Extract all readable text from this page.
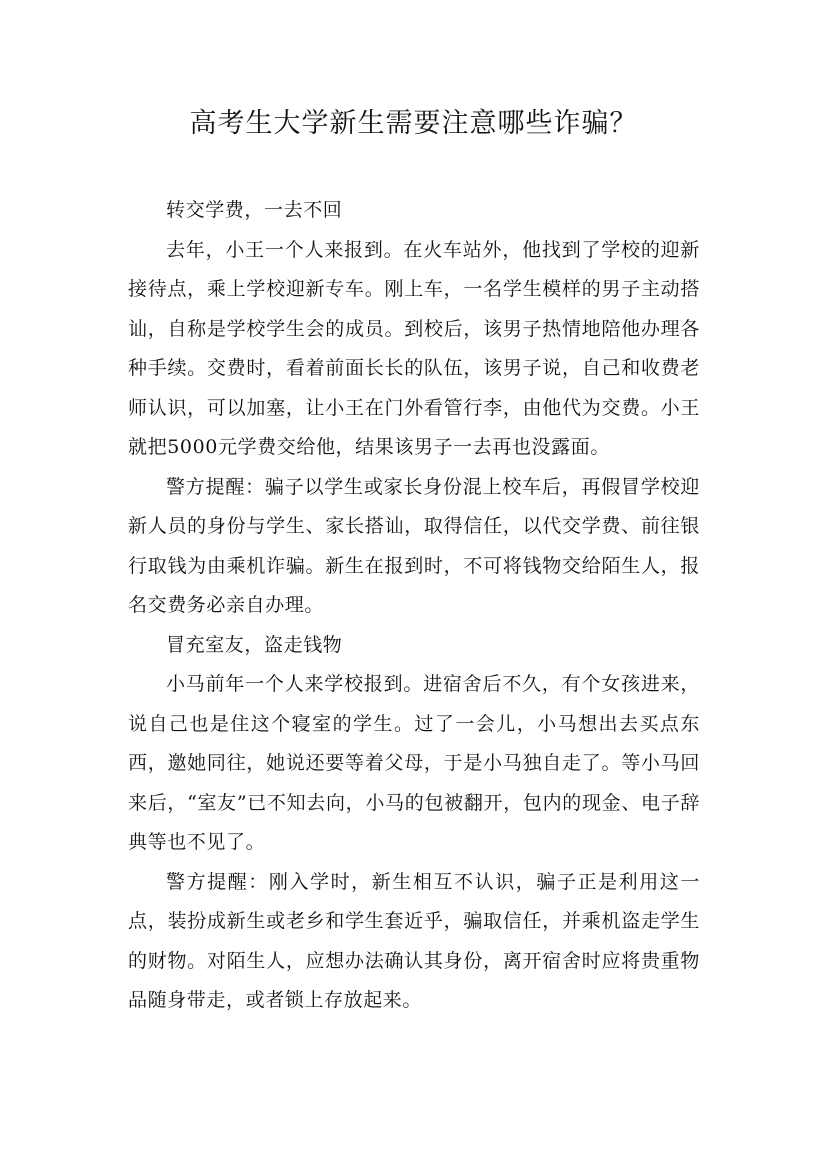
高考生大学新生需要注意哪些诈骗？

转交学费，一去不回

去年，小王一个人来报到。在火车站外，他找到了学校的迎新接待点，乘上学校迎新专车。刚上车，一名学生模样的男子主动搭讪，自称是学校学生会的成员。到校后，该男子热情地陪他办理各种手续。交费时，看着前面长长的队伍，该男子说，自己和收费老师认识，可以加塞，让小王在门外看管行李，由他代为交费。小王就把5000元学费交给他，结果该男子一去再也没露面。

警方提醒：骗子以学生或家长身份混上校车后，再假冒学校迎新人员的身份与学生、家长搭讪，取得信任，以代交学费、前往银行取钱为由乘机诈骗。新生在报到时，不可将钱物交给陌生人，报名交费务必亲自办理。

冒充室友，盗走钱物

小马前年一个人来学校报到。进宿舍后不久，有个女孩进来，说自己也是住这个寝室的学生。过了一会儿，小马想出去买点东西，邀她同往，她说还要等着父母，于是小马独自走了。等小马回来后，“室友”已不知去向，小马的包被翻开，包内的现金、电子辞典等也不见了。

警方提醒：刚入学时，新生相互不认识，骗子正是利用这一点，装扮成新生或老乡和学生套近乎，骗取信任，并乘机盗走学生的财物。对陌生人，应想办法确认其身份，离开宿舍时应将贵重物品随身带走，或者锁上存放起来。
